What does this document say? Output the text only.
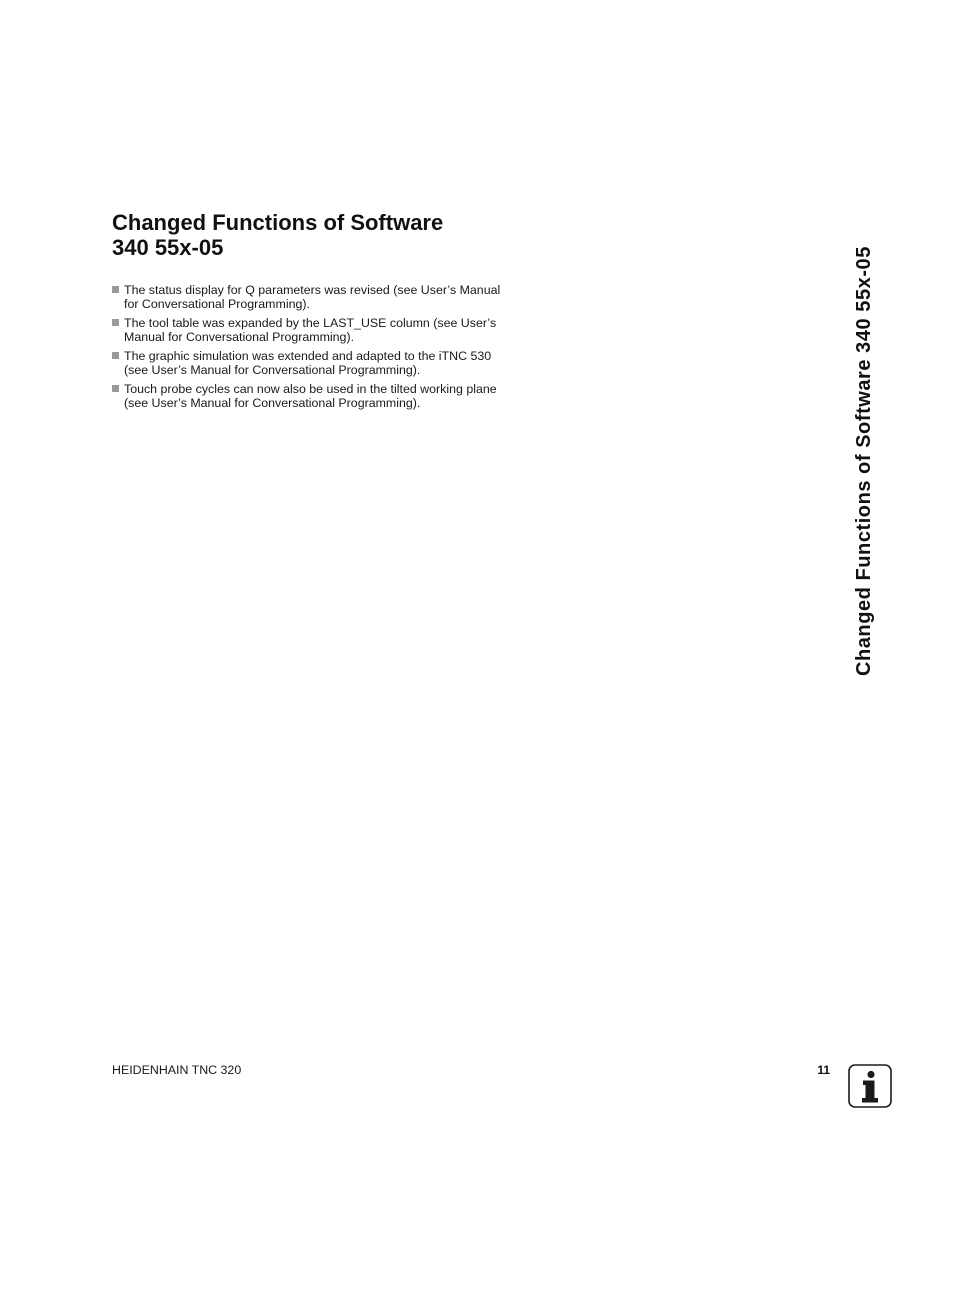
Changed Functions of Software
340 55x-05
The status display for Q parameters was revised (see User’s Manual
for Conversational Programming).
The tool table was expanded by the LAST_USE column (see User’s
Manual for Conversational Programming).
The graphic simulation was extended and adapted to the iTNC 530
(see User’s Manual for Conversational Programming).
Touch probe cycles can now also be used in the tilted working plane
(see User’s Manual for Conversational Programming).	Changed Functions of Software 340 55x-05
HEIDENHAIN TNC 320	11
